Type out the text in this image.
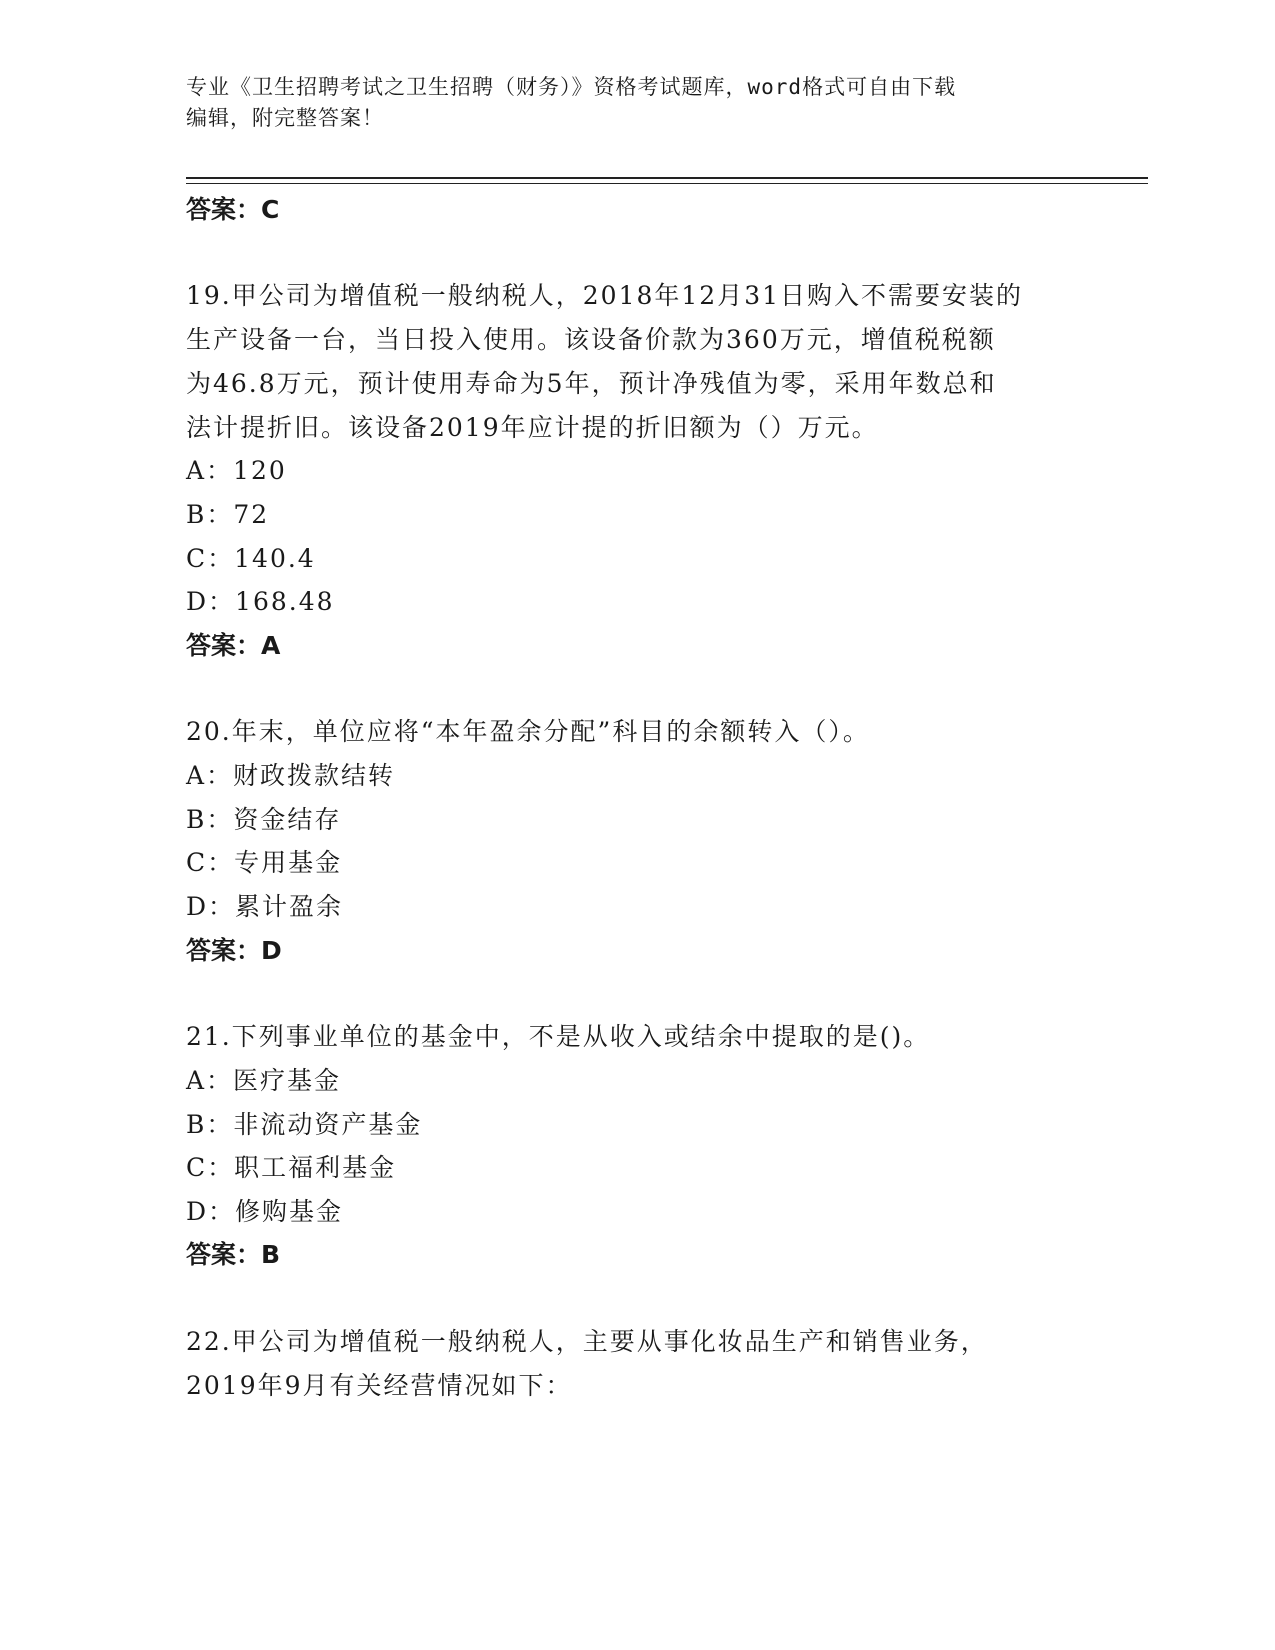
专业《卫生招聘考试之卫生招聘（财务）》资格考试题库，word格式可自由下载
编辑，附完整答案！
答案：C
19.甲公司为增值税一般纳税人，2018年12月31日购入不需要安装的
生产设备一台，当日投入使用。该设备价款为360万元，增值税税额
为46.8万元，预计使用寿命为5年，预计净残值为零，采用年数总和
法计提折旧。该设备2019年应计提的折旧额为（）万元。
A：120
B：72
C：140.4
D：168.48
答案：A
20.年末，单位应将“本年盈余分配”科目的余额转入（）。
A：财政拨款结转
B：资金结存
C：专用基金
D：累计盈余
答案：D
21.下列事业单位的基金中，不是从收入或结余中提取的是()。
A：医疗基金
B：非流动资产基金
C：职工福利基金
D：修购基金
答案：B
22.甲公司为增值税一般纳税人，主要从事化妆品生产和销售业务，
2019年9月有关经营情况如下：
